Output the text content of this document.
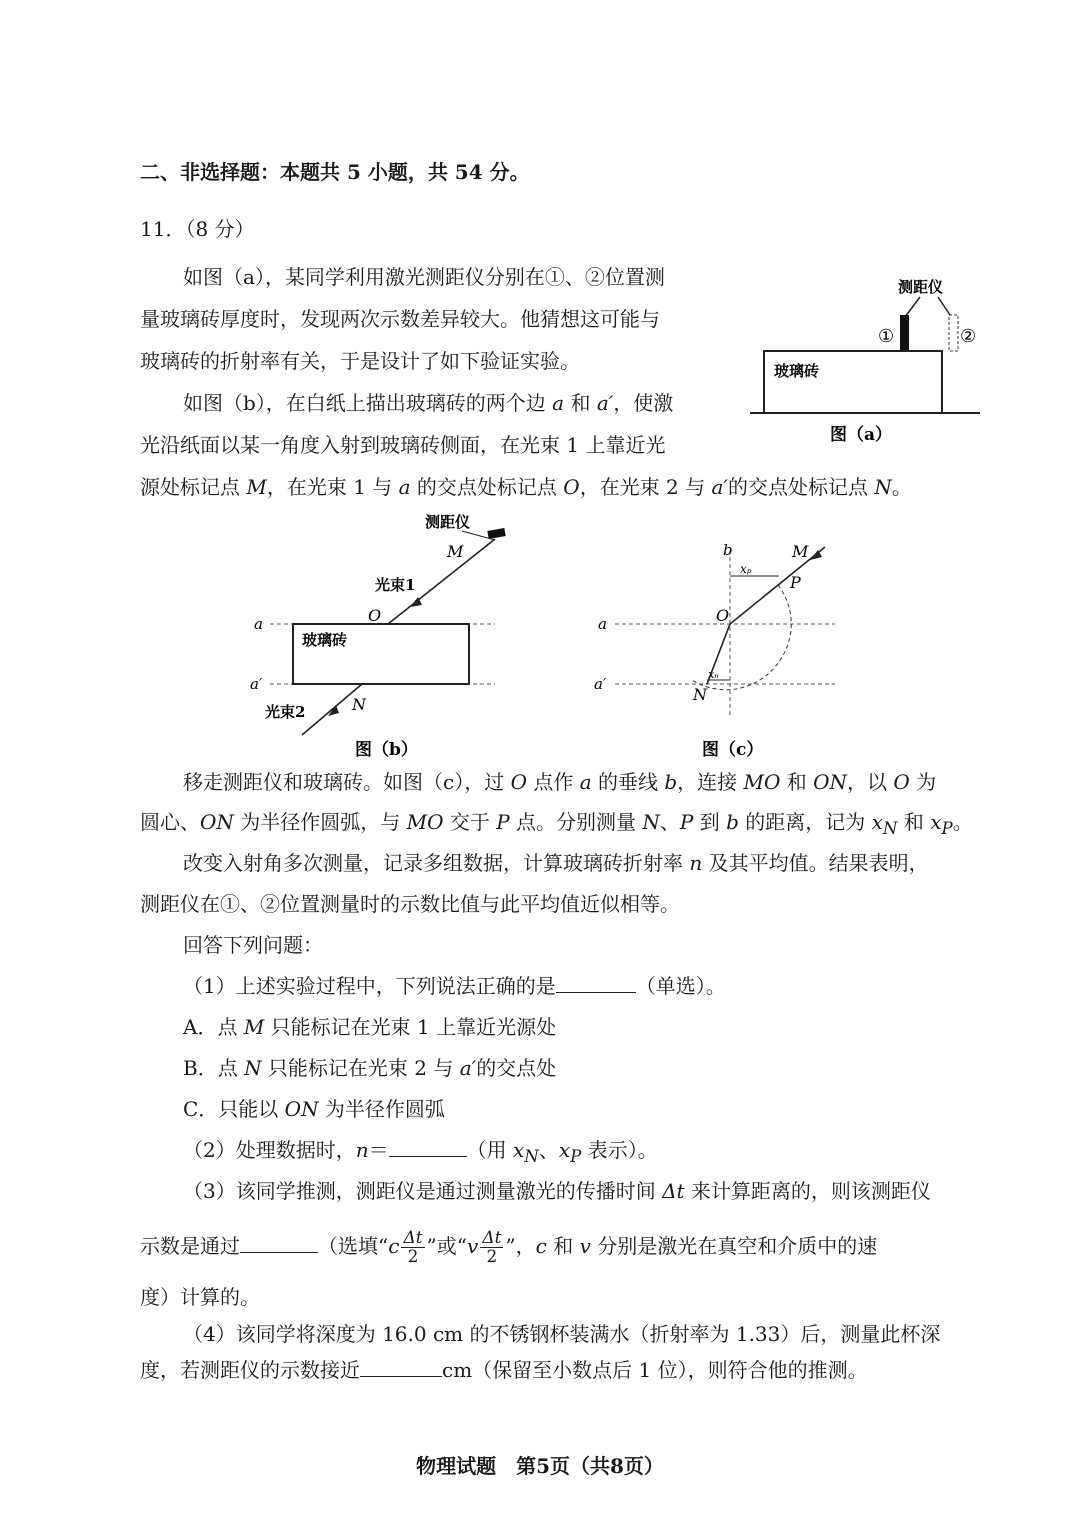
二、非选择题：本题共 5 小题，共 54 分。
11．（8 分）
如图（a），某同学利用激光测距仪分别在①、②位置测
量玻璃砖厚度时，发现两次示数差异较大。他猜想这可能与
玻璃砖的折射率有关，于是设计了如下验证实验。
如图（b），在白纸上描出玻璃砖的两个边 a 和 a′，使激
光沿纸面以某一角度入射到玻璃砖侧面，在光束 1 上靠近光
源处标记点 M，在光束 1 与 a 的交点处标记点 O，在光束 2 与 a′的交点处标记点 N。
测距仪
①	②
玻璃砖
图（a）
测距仪
M
光束1
a
a′
玻璃砖
O
N
光束2
图（b）
b
a
a′
M
xₚ
P
xₙ
O
N
图（c）
移走测距仪和玻璃砖。如图（c），过 O 点作 a 的垂线 b，连接 MO 和 ON，以 O 为
圆心、ON 为半径作圆弧，与 MO 交于 P 点。分别测量 N、P 到 b 的距离，记为 $x_N$ 和 $x_P$。
改变入射角多次测量，记录多组数据，计算玻璃砖折射率 n 及其平均值。结果表明，
测距仪在①、②位置测量时的示数比值与此平均值近似相等。
回答下列问题：
（1）上述实验过程中，下列说法正确的是	（单选）。
A．点 M 只能标记在光束 1 上靠近光源处
B．点 N 只能标记在光束 2 与 a′的交点处
C．只能以 ON 为半径作圆弧
（2）处理数据时，n＝	（用 $x_N$、$x_P$ 表示）。
（3）该同学推测，测距仪是通过测量激光的传播时间 Δt 来计算距离的，则该测距仪
示数是通过	（选填“$c \frac{\Delta t}{2}$ ”或“$v \frac{\Delta t}{2}$ ”，c 和 v 分别是激光在真空和介质中的速
度）计算的。
（4）该同学将深度为 16.0 cm 的不锈钢杯装满水（折射率为 1.33）后，测量此杯深
度，若测距仪的示数接近	cm（保留至小数点后 1 位），则符合他的推测。
物理试题　第5页（共8页）
